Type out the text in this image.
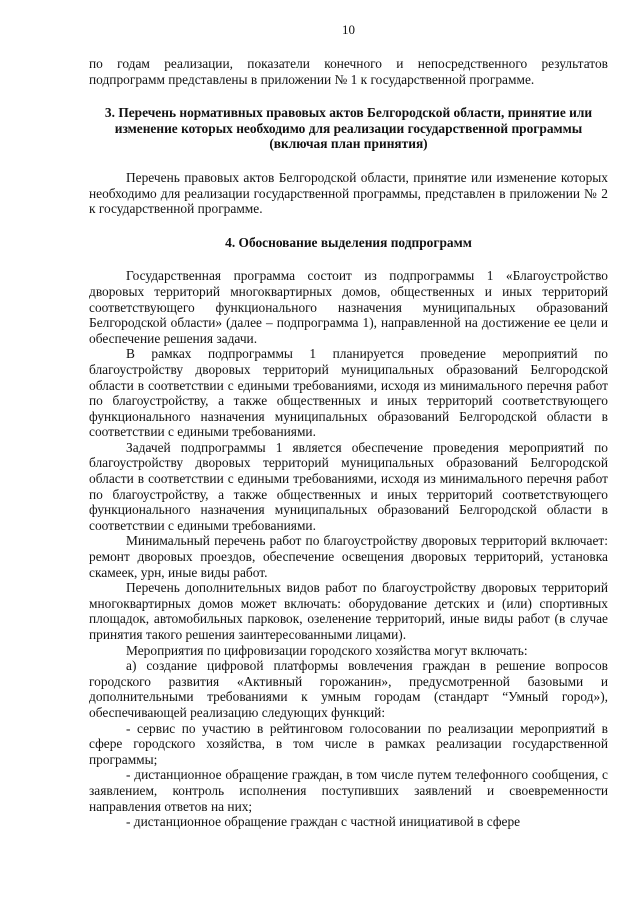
10

по годам реализации, показатели конечного и непосредственного результатов подпрограмм представлены в приложении № 1 к государственной программе.

3. Перечень нормативных правовых актов Белгородской области, принятие или изменение которых необходимо для реализации государственной программы (включая план принятия)

Перечень правовых актов Белгородской области, принятие или изменение которых необходимо для реализации государственной программы, представлен в приложении № 2 к государственной программе.

4. Обоснование выделения подпрограмм

Государственная программа состоит из подпрограммы 1 «Благоустройство дворовых территорий многоквартирных домов, общественных и иных территорий соответствующего функционального назначения муниципальных образований Белгородской области» (далее – подпрограмма 1), направленной на достижение ее цели и обеспечение решения задачи.

В рамках подпрограммы 1 планируется проведение мероприятий по благоустройству дворовых территорий муниципальных образований Белгородской области в соответствии с едиными требованиями, исходя из минимального перечня работ по благоустройству, а также общественных и иных территорий соответствующего функционального назначения муниципальных образований Белгородской области в соответствии с едиными требованиями.

Задачей подпрограммы 1 является обеспечение проведения мероприятий по благоустройству дворовых территорий муниципальных образований Белгородской области в соответствии с едиными требованиями, исходя из минимального перечня работ по благоустройству, а также общественных и иных территорий соответствующего функционального назначения муниципальных образований Белгородской области в соответствии с едиными требованиями.

Минимальный перечень работ по благоустройству дворовых территорий включает: ремонт дворовых проездов, обеспечение освещения дворовых территорий, установка скамеек, урн, иные виды работ.

Перечень дополнительных видов работ по благоустройству дворовых территорий многоквартирных домов может включать: оборудование детских и (или) спортивных площадок, автомобильных парковок, озеленение территорий, иные виды работ (в случае принятия такого решения заинтересованными лицами).

Мероприятия по цифровизации городского хозяйства могут включать:

а) создание цифровой платформы вовлечения граждан в решение вопросов городского развития «Активный горожанин», предусмотренной базовыми и дополнительными требованиями к умным городам (стандарт “Умный город»), обеспечивающей реализацию следующих функций:

- сервис по участию в рейтинговом голосовании по реализации мероприятий в сфере городского хозяйства, в том числе в рамках реализации государственной программы;

- дистанционное обращение граждан, в том числе путем телефонного сообщения, с заявлением, контроль исполнения поступивших заявлений и своевременности направления ответов на них;

- дистанционное обращение граждан с частной инициативой в сфере
